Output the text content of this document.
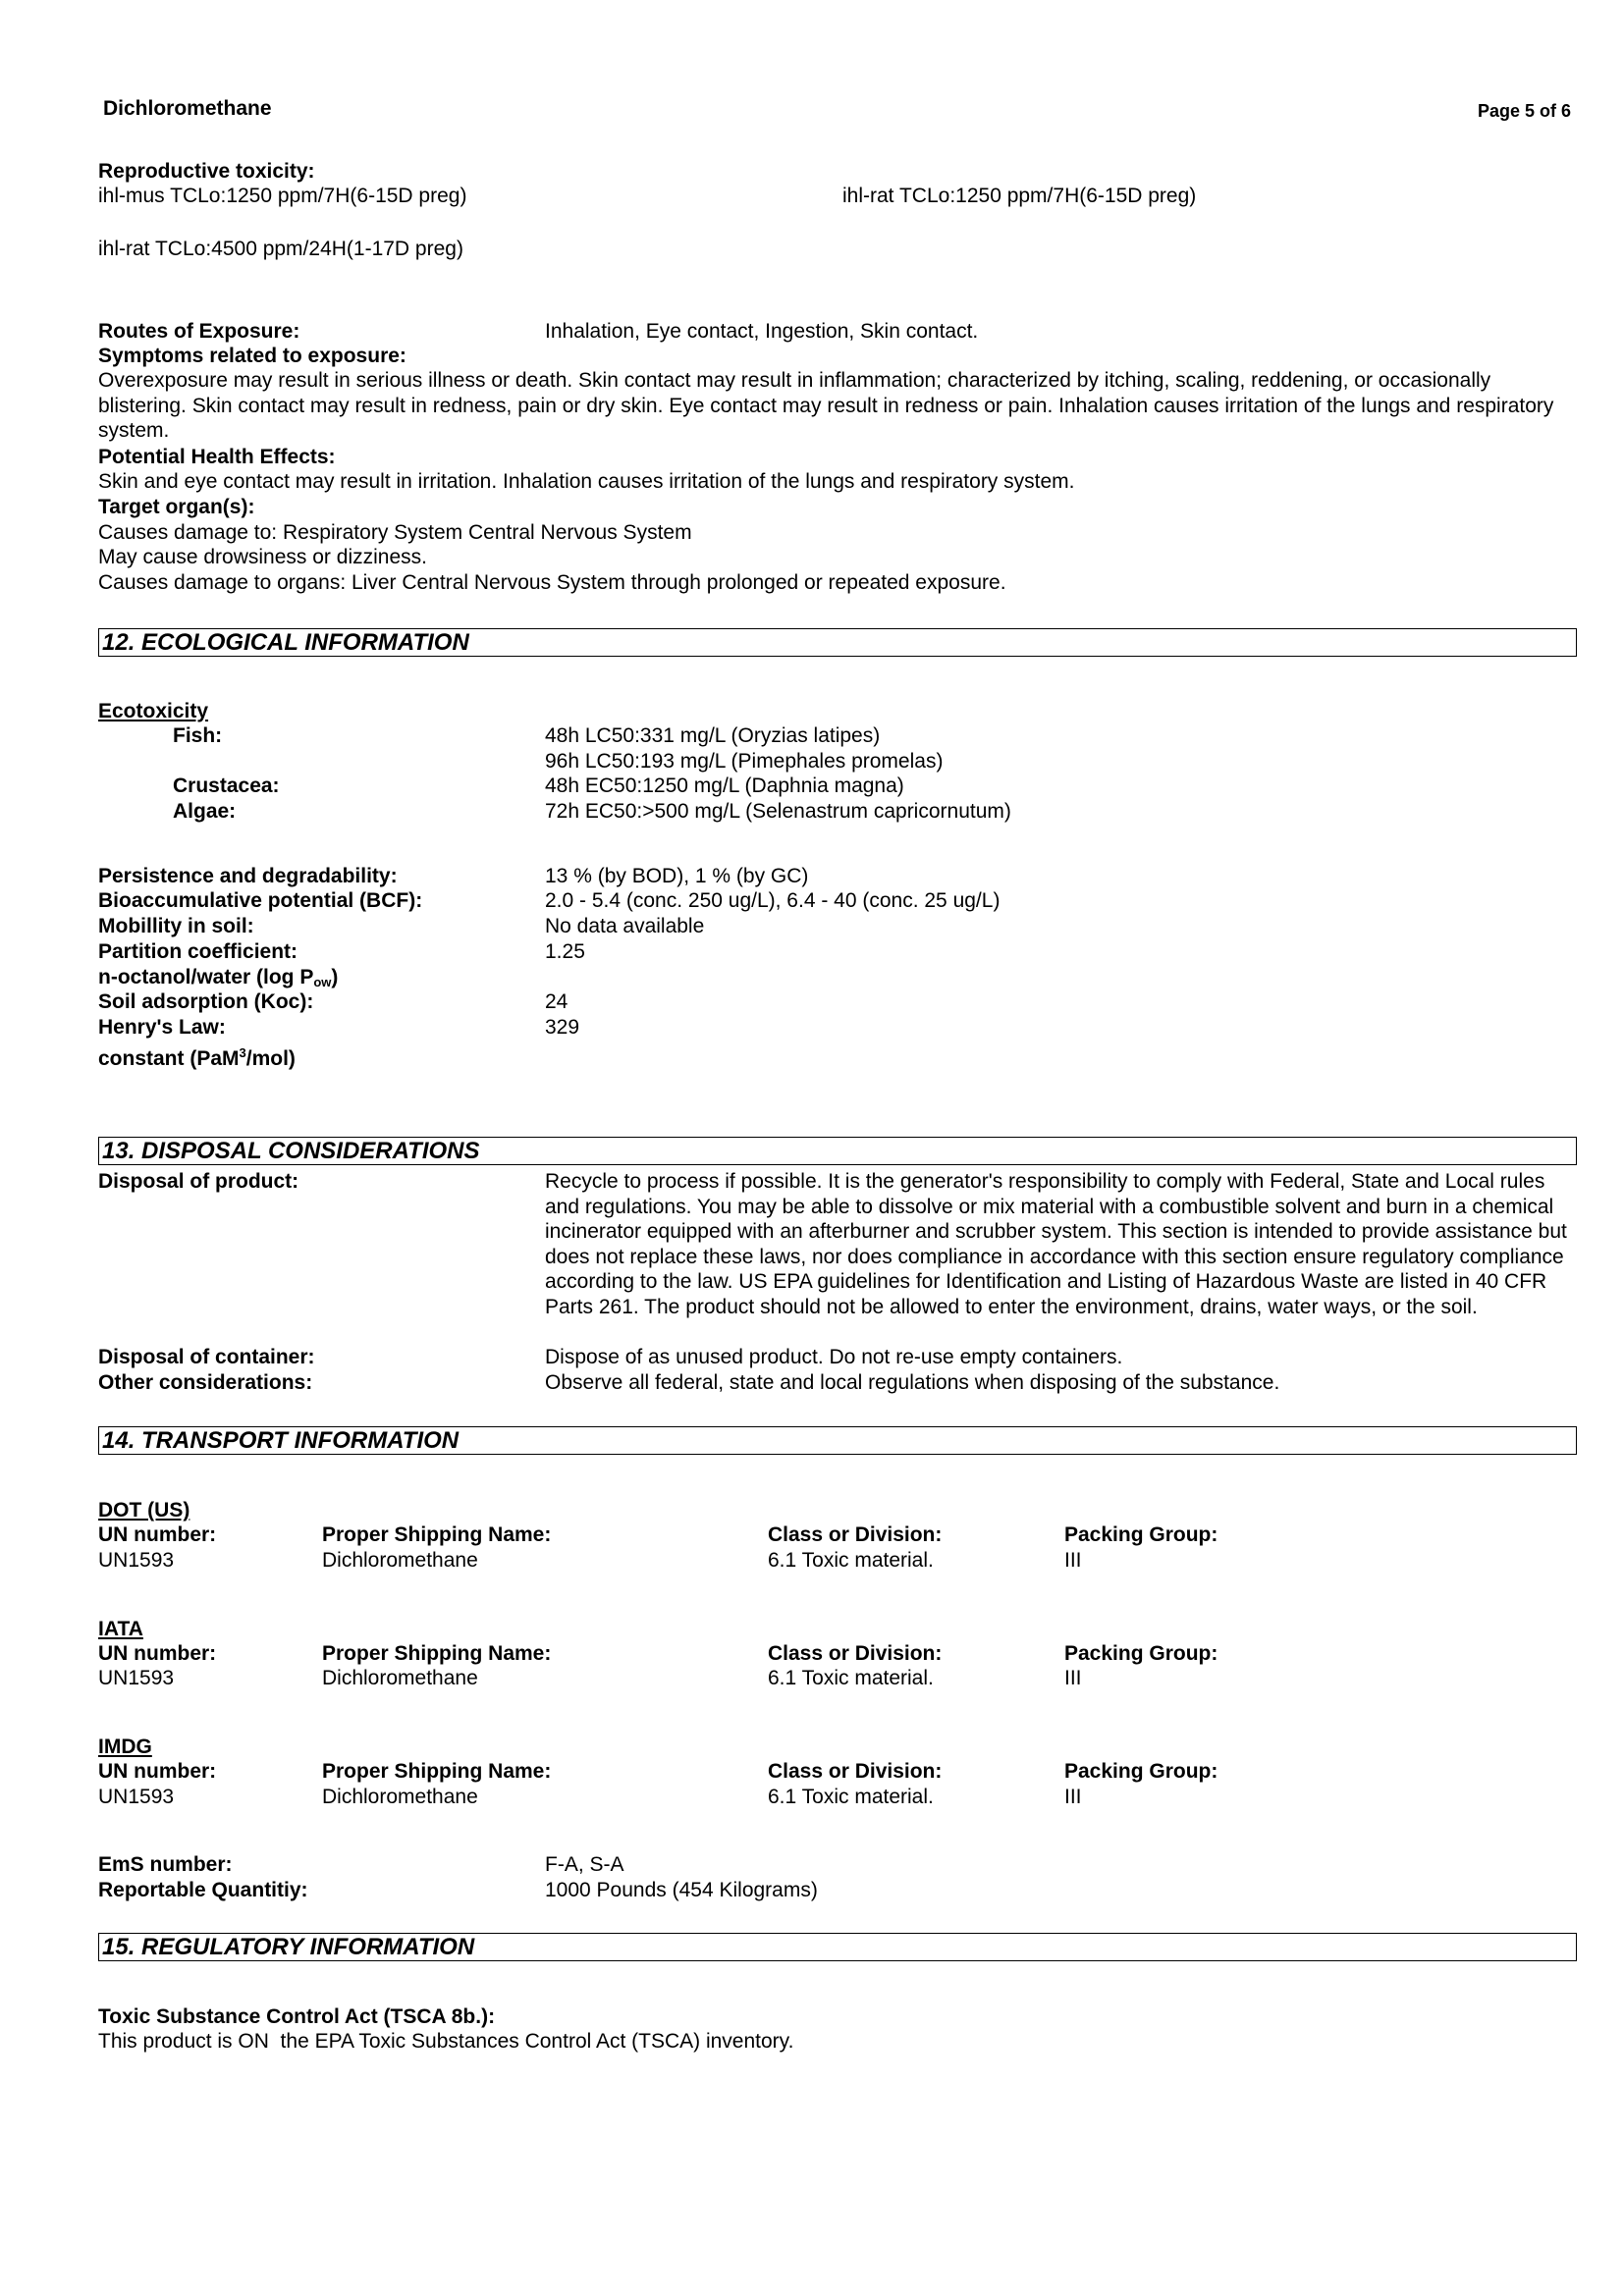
Dichloromethane	Page 5 of 6
Reproductive toxicity:
ihl-mus TCLo:1250 ppm/7H(6-15D preg)	ihl-rat TCLo:1250 ppm/7H(6-15D preg)
ihl-rat TCLo:4500 ppm/24H(1-17D preg)
Routes of Exposure:	Inhalation, Eye contact, Ingestion, Skin contact.
Symptoms related to exposure:
Overexposure may result in serious illness or death. Skin contact may result in inflammation; characterized by itching, scaling, reddening, or occasionally blistering. Skin contact may result in redness, pain or dry skin. Eye contact may result in redness or pain. Inhalation causes irritation of the lungs and respiratory system.
Potential Health Effects:
Skin and eye contact may result in irritation. Inhalation causes irritation of the lungs and respiratory system.
Target organ(s):
Causes damage to: Respiratory System Central Nervous System
May cause drowsiness or dizziness.
Causes damage to organs: Liver Central Nervous System through prolonged or repeated exposure.
12. ECOLOGICAL INFORMATION
Ecotoxicity
Fish:	48h LC50:331 mg/L (Oryzias latipes)
96h LC50:193 mg/L (Pimephales promelas)
Crustacea:	48h EC50:1250 mg/L (Daphnia magna)
Algae:	72h EC50:>500 mg/L (Selenastrum capricornutum)
Persistence and degradability:	13 % (by BOD), 1 % (by GC)
Bioaccumulative potential (BCF):	2.0 - 5.4 (conc. 250 ug/L), 6.4 - 40 (conc. 25 ug/L)
Mobillity in soil:	No data available
Partition coefficient:	1.25
n-octanol/water (log $P_{ow}$)
Soil adsorption (Koc):	24
Henry's Law:	329
constant (PaM$^3$/mol)
13. DISPOSAL CONSIDERATIONS
Disposal of product:	Recycle to process if possible. It is the generator's responsibility to comply with Federal, State and Local rules and regulations. You may be able to dissolve or mix material with a combustible solvent and burn in a chemical incinerator equipped with an afterburner and scrubber system. This section is intended to provide assistance but does not replace these laws, nor does compliance in accordance with this section ensure regulatory compliance according to the law. US EPA guidelines for Identification and Listing of Hazardous Waste are listed in 40 CFR Parts 261. The product should not be allowed to enter the environment, drains, water ways, or the soil.
Disposal of container:	Dispose of as unused product. Do not re-use empty containers.
Other considerations:	Observe all federal, state and local regulations when disposing of the substance.
14. TRANSPORT INFORMATION
DOT (US)
UN number:	Proper Shipping Name:	Class or Division:	Packing Group:
UN1593	Dichloromethane	6.1 Toxic material.	III
IATA
UN number:	Proper Shipping Name:	Class or Division:	Packing Group:
UN1593	Dichloromethane	6.1 Toxic material.	III
IMDG
UN number:	Proper Shipping Name:	Class or Division:	Packing Group:
UN1593	Dichloromethane	6.1 Toxic material.	III
EmS number:	F-A, S-A
Reportable Quantitiy:	1000 Pounds (454 Kilograms)
15. REGULATORY INFORMATION
Toxic Substance Control Act (TSCA 8b.):
This product is ON  the EPA Toxic Substances Control Act (TSCA) inventory.
